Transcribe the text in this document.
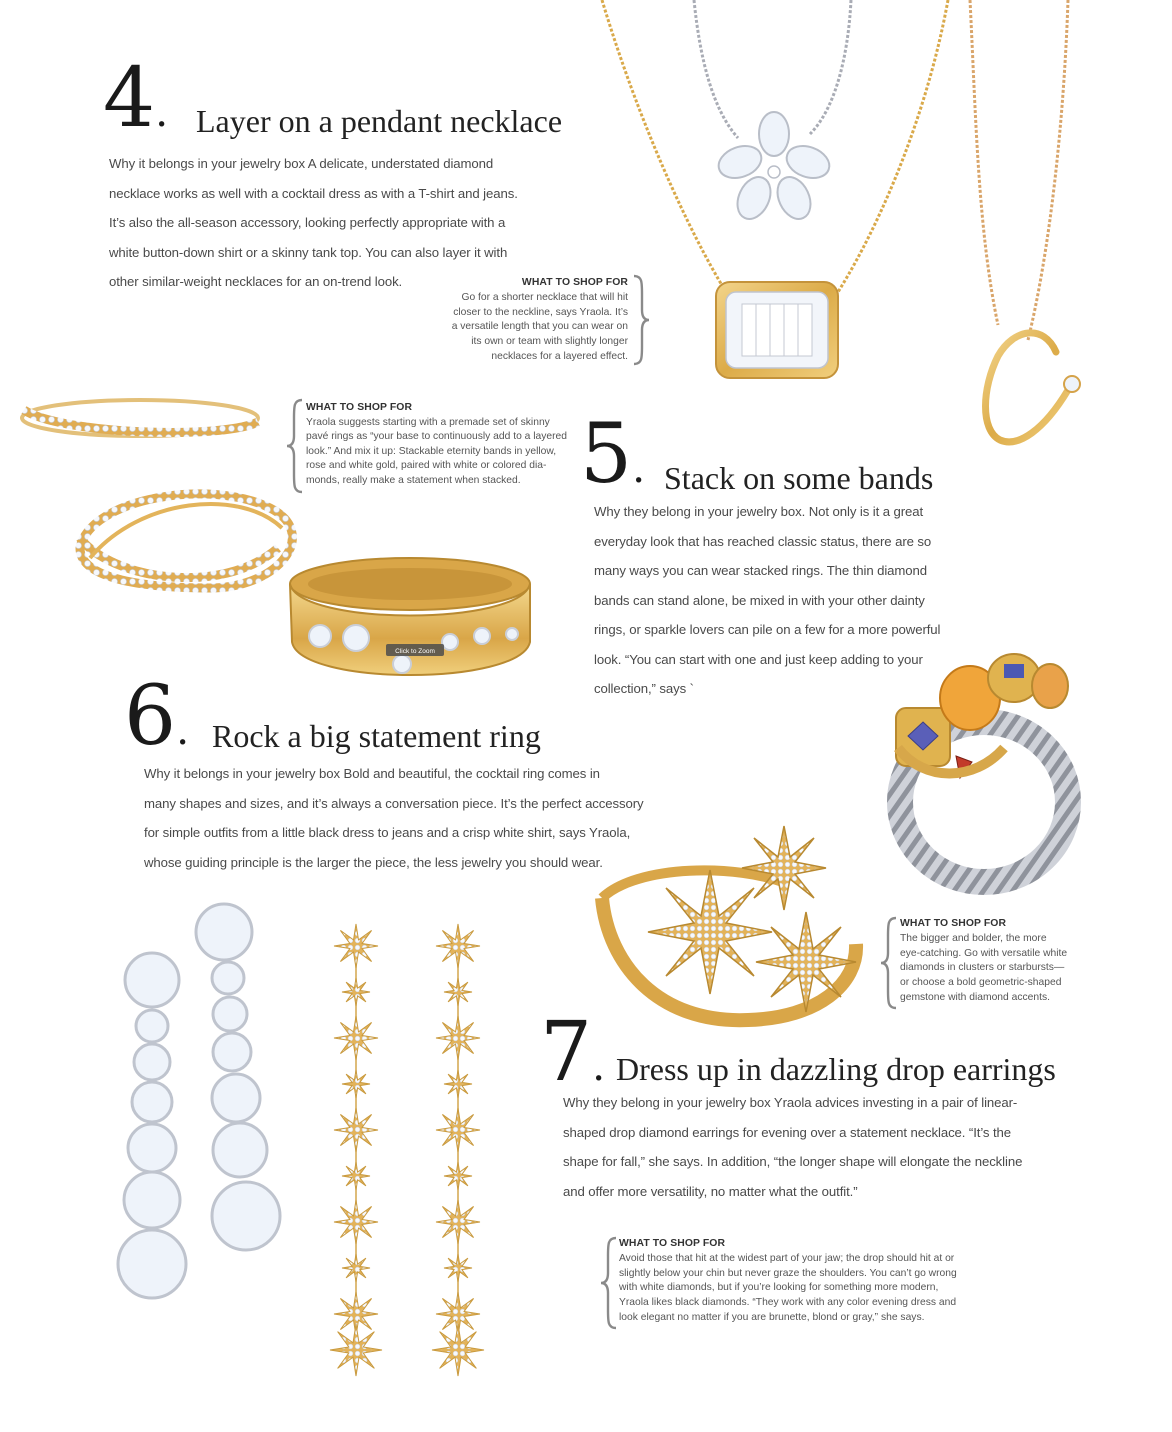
4. Layer on a pendant necklace
Why it belongs in your jewelry box A delicate, understated diamond
necklace works as well with a cocktail dress as with a T-shirt and jeans.
It’s also the all-season accessory, looking perfectly appropriate with a
white button-down shirt or a skinny tank top. You can also layer it with
other similar-weight necklaces for an on-trend look.	WHAT TO SHOP FOR
Go for a shorter necklace that will hit
closer to the neckline, says Yraola. It’s
a versatile length that you can wear on
its own or team with slightly longer
necklaces for a layered effect.
Click to Zoom
WHAT TO SHOP FOR
Yraola suggests starting with a premade set of skinny
pavé rings as “your base to continuously add to a layered
look.” And mix it up: Stackable eternity bands in yellow,
rose and white gold, paired with white or colored dia-
monds, really make a statement when stacked. 5. Stack on some bands
Why they belong in your jewelry box. Not only is it a great
everyday look that has reached classic status, there are so
many ways you can wear stacked rings. The thin diamond
bands can stand alone, be mixed in with your other dainty
rings, or sparkle lovers can pile on a few for a more powerful
look. “You can start with one and just keep adding to your
collection,” says `
6. Rock a big statement ring
Why it belongs in your jewelry box Bold and beautiful, the cocktail ring comes in
many shapes and sizes, and it’s always a conversation piece. It’s the perfect accessory
for simple outfits from a little black dress to jeans and a crisp white shirt, says Yraola,
whose guiding principle is the larger the piece, the less jewelry you should wear.
WHAT TO SHOP FOR
The bigger and bolder, the more
eye-catching. Go with versatile white
diamonds in clusters or starbursts—
or choose a bold geometric-shaped
gemstone with diamond accents.
7. Dress up in dazzling drop earrings
Why they belong in your jewelry box Yraola advices investing in a pair of linear-
shaped drop diamond earrings for evening over a statement necklace. “It’s the
shape for fall,” she says. In addition, “the longer shape will elongate the neckline
and offer more versatility, no matter what the outfit.”
WHAT TO SHOP FOR
Avoid those that hit at the widest part of your jaw; the drop should hit at or
slightly below your chin but never graze the shoulders. You can’t go wrong
with white diamonds, but if you’re looking for something more modern,
Yraola likes black diamonds. “They work with any color evening dress and
look elegant no matter if you are brunette, blond or gray,” she says.
